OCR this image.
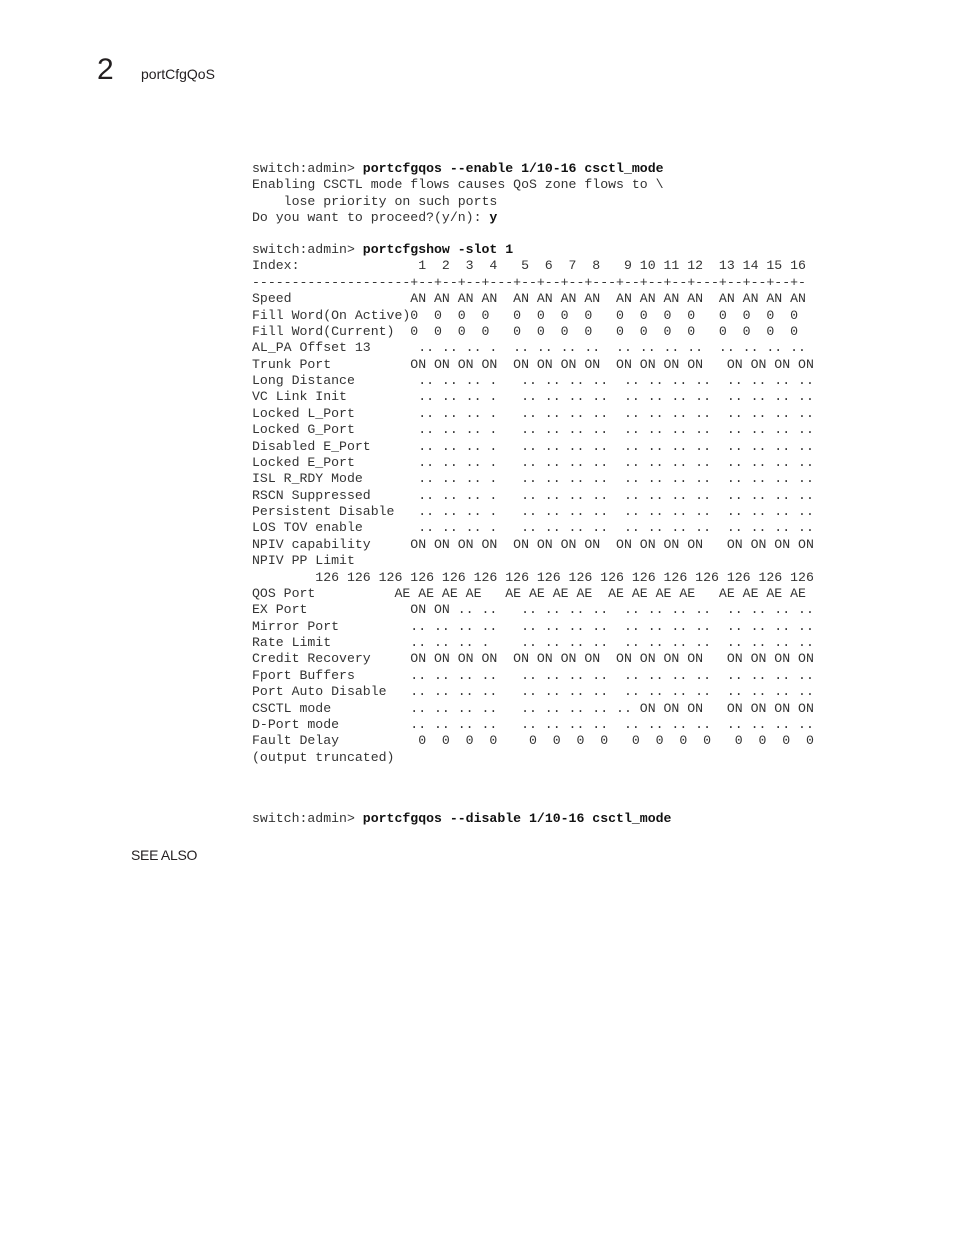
2 portCfgQoS
switch:admin> portcfgqos --enable 1/10-16 csctl_mode
Enabling CSCTL mode flows causes QoS zone flows to \
lose priority on such ports
Do you want to proceed?(y/n): y
switch:admin> portcfgshow -slot 1
Index:               1  2  3  4   5  6  7  8   9 10 11 12  13 14 15 16
--------------------+--+--+--+---+--+--+--+---+--+--+--+---+--+--+--+-
Speed               AN AN AN AN  AN AN AN AN  AN AN AN AN  AN AN AN AN
Fill Word(On Active)0  0  0  0   0  0  0  0   0  0  0  0   0  0  0  0
Fill Word(Current)  0  0  0  0   0  0  0  0   0  0  0  0   0  0  0  0
AL_PA Offset 13      .. .. .. .  .. .. .. ..  .. .. .. ..  .. .. .. ..
Trunk Port          ON ON ON ON  ON ON ON ON  ON ON ON ON   ON ON ON ON
Long Distance        .. .. .. .   .. .. .. ..  .. .. .. ..  .. .. .. ..
VC Link Init         .. .. .. .   .. .. .. ..  .. .. .. ..  .. .. .. ..
Locked L_Port        .. .. .. .   .. .. .. ..  .. .. .. ..  .. .. .. ..
Locked G_Port        .. .. .. .   .. .. .. ..  .. .. .. ..  .. .. .. ..
Disabled E_Port      .. .. .. .   .. .. .. ..  .. .. .. ..  .. .. .. ..
Locked E_Port        .. .. .. .   .. .. .. ..  .. .. .. ..  .. .. .. ..
ISL R_RDY Mode       .. .. .. .   .. .. .. ..  .. .. .. ..  .. .. .. ..
RSCN Suppressed      .. .. .. .   .. .. .. ..  .. .. .. ..  .. .. .. ..
Persistent Disable   .. .. .. .   .. .. .. ..  .. .. .. ..  .. .. .. ..
LOS TOV enable       .. .. .. .   .. .. .. ..  .. .. .. ..  .. .. .. ..
NPIV capability     ON ON ON ON  ON ON ON ON  ON ON ON ON   ON ON ON ON
NPIV PP Limit
126 126 126 126 126 126 126 126 126 126 126 126 126 126 126 126
QOS Port          AE AE AE AE   AE AE AE AE  AE AE AE AE   AE AE AE AE
EX Port             ON ON .. ..   .. .. .. ..  .. .. .. ..  .. .. .. ..
Mirror Port         .. .. .. ..   .. .. .. ..  .. .. .. ..  .. .. .. ..
Rate Limit          .. .. .. .    .. .. .. ..  .. .. .. ..  .. .. .. ..
Credit Recovery     ON ON ON ON  ON ON ON ON  ON ON ON ON   ON ON ON ON
Fport Buffers       .. .. .. ..   .. .. .. ..  .. .. .. ..  .. .. .. ..
Port Auto Disable   .. .. .. ..   .. .. .. ..  .. .. .. ..  .. .. .. ..
CSCTL mode          .. .. .. ..   .. .. .. .. .. ON ON ON   ON ON ON ON
D-Port mode         .. .. .. ..   .. .. .. ..  .. .. .. ..  .. .. .. ..
Fault Delay          0  0  0  0    0  0  0  0   0  0  0  0   0  0  0  0
(output truncated)
switch:admin> portcfgqos --disable 1/10-16 csctl_mode
SEE ALSO
